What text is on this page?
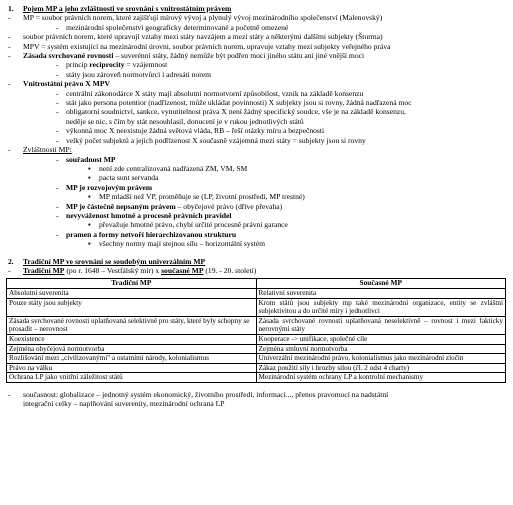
1. Pojem MP a jeho zvláštnosti ve srovnání s vnitrostátním právem
- MP = soubor právních norem, které zajišťují mírový vývoj a plynulý vývoj mezinárodního společenství (Malenovský)
- mezinárodní společenství geograficky determinované a početně omezené
- soubor právních norem, které upravují vztahy mezi státy navzájem a mezi státy a některými dalšími subjekty (Šturma)
- MPV = systém existující na mezinárodní úrovni, soubor právních norem, upravuje vztahy mezi subjekty veřejného práva
- Zásada svrchované rovnosti – suverénní státy, žádný nemůže být podřen moci jiného státu ani jiné vnější moci
- princip reciprocity = vzájemnost
- státy jsou zároveň normotvůrci i adresáti norem
- Vnitrostátní právo X MPV
- centrální zákonodárce X státy mají absolutní normotvorní způsobilost, vznik na základě konsenzu
- stát jako persona potentior (nadřízenost, může ukládat povinnosti) X subjekty jsou si rovny, žádná nadřazená moc
- obligatorní soudnictví, sankce, vynutitelnost práva X není žádný specifický soudce, vše je na základě konsenzu,
neděje se nic, s čím by stát nesouhlasil, donucení je v rukou jednotlivých států
- výkonná moc X neexistuje žádná světová vláda, RB – řeší otázky míru a bezpečnosti
- velký počet subjektů a jejich podřízenost X současně vzájemná mezi státy = subjekty jsou si rovny
- Zvláštnosti MP:
- souřadnost MP
▪ není zde centralizovaná nadřazená ZM, VM, SM
▪ pacta sunt servanda
- MP je rozvojovým právem
▪ MP mladší než VP, proměňuje se (LP, životní prostředí, MP trestné)
- MP je částečně nepsaným právem – obyčejové právo (dříve převaha)
- nevyváženost hmotně a procesně právních pravidel
▪ převažuje hmotné právo, chybí určité procesně právní garance
- pramen a formy netvoří hierarchizovanou strukturu
▪ všechny normy mají stejnou sílu – horizontální systém
2. Tradiční MP ve srovnání se soudobým univerzálním MP
- Tradiční MP (po r. 1648 – Vestfálský mír) x současné MP (19. - 20. století)
Tradiční MP	Současné MP
Absolutní suverenita	Relativní suverenita
Pouze státy jsou subjekty	Krom států jsou subjekty mp také mezinárodní organizace, entity se zvláštní subjektivitou a do určité míry i jednotlivci
Zásada svrchované rovnosti uplatňovaná selektivně pro státy, které byly schopny se prosadit – nerovnost	Zásada svrchované rovnosti uplatňovaná neselektivně – rovnost i mezi fakticky nerovnými státy
Koexistence	Kooperace -> unifikace, společné cíle
Zejména obyčejová normotvorba	Zejména smluvní normotvorba
Rozlišování mezi „civilizovanými" a ostatními národy, kolonialismus	Univerzální mezinárodní právo, kolonialismus jako mezinárodní zločin
Právo na válku	Zákaz použití síly i hrozby silou (čl. 2 odst 4 charty)
Ochrana LP jako vnitřní záležitost států	Mezinárodní systém ochrany LP a kontrolní mechanismy
- současnost: globalizace – jednotný systém ekonomický, životního prostředí, informací..., přenos pravomocí na nadstátní
integrační celky – naplňování suverenity, mezinárodní ochrana LP
